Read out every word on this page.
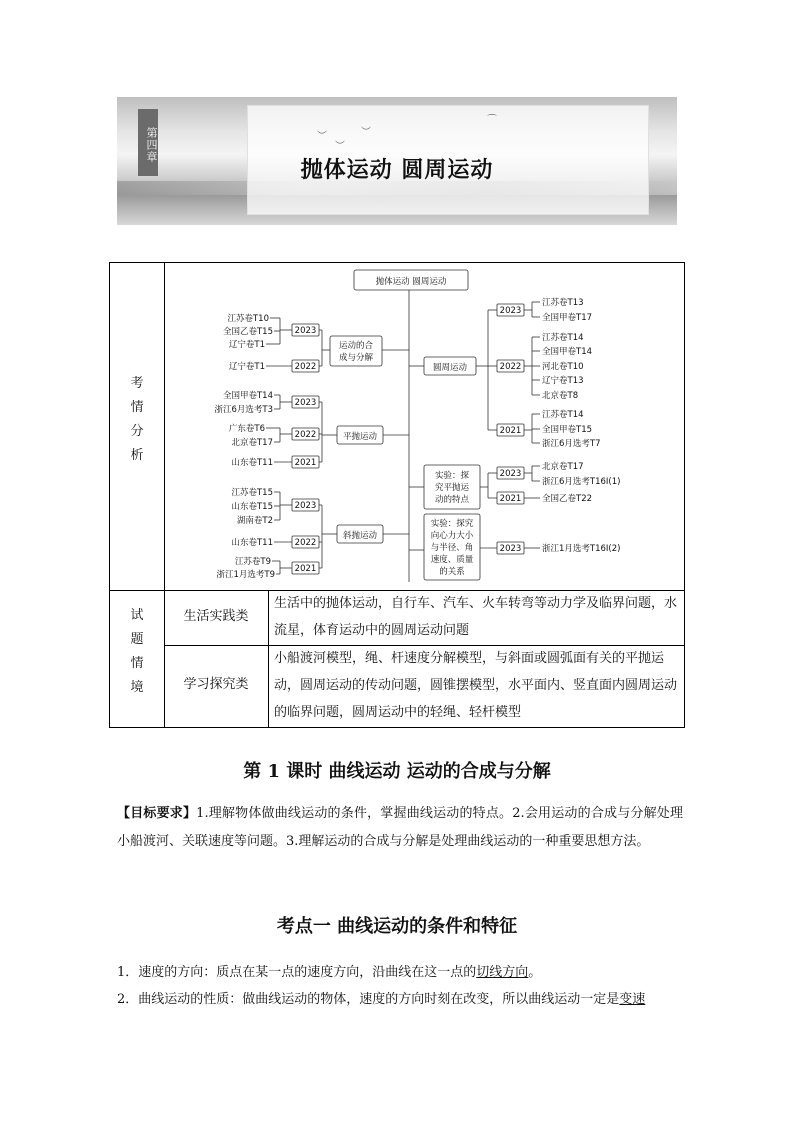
︶
︶
︶
⌒
第四章
抛体运动 圆周运动
考
情
分
析
试
题
情
境
生活实践类
生活中的抛体运动，自行车、汽车、火车转弯等动力学及临界问题，水流星，体育运动中的圆周运动问题
学习探究类
小船渡河模型，绳、杆速度分解模型，与斜面或圆弧面有关的平抛运动，圆周运动的传动问题，圆锥摆模型，水平面内、竖直面内圆周运动的临界问题，圆周运动中的轻绳、轻杆模型
抛体运动 圆周运动
运动的合
成与分解
平抛运动
斜抛运动
2023
2022
2023
2022
2021
2023
2022
2021
江苏卷T10
全国乙卷T15
辽宁卷T1
辽宁卷T1
全国甲卷T14
浙江6月选考T3
广东卷T6
北京卷T17
山东卷T11
江苏卷T15
山东卷T15
湖南卷T2
山东卷T11
江苏卷T9
浙江1月选考T9
圆周运动
实验：探
究平抛运
动的特点
实验：探究
向心力大小
与半径、角
速度、质量
的关系
2023
2022
2021
2023
2021
2023
江苏卷T13
全国甲卷T17
江苏卷T14
全国甲卷T14
河北卷T10
辽宁卷T13
北京卷T8
江苏卷T14
全国甲卷T15
浙江6月选考T7
北京卷T17
浙江6月选考T16Ⅰ(1)
全国乙卷T22
浙江1月选考T16Ⅰ(2)
第 1 课时 曲线运动 运动的合成与分解
【目标要求】1.理解物体做曲线运动的条件，掌握曲线运动的特点。2.会用运动的合成与分解处理小船渡河、关联速度等问题。3.理解运动的合成与分解是处理曲线运动的一种重要思想方法。
考点一 曲线运动的条件和特征
1．速度的方向：质点在某一点的速度方向，沿曲线在这一点的切线方向。
2．曲线运动的性质：做曲线运动的物体，速度的方向时刻在改变，所以曲线运动一定是变速
